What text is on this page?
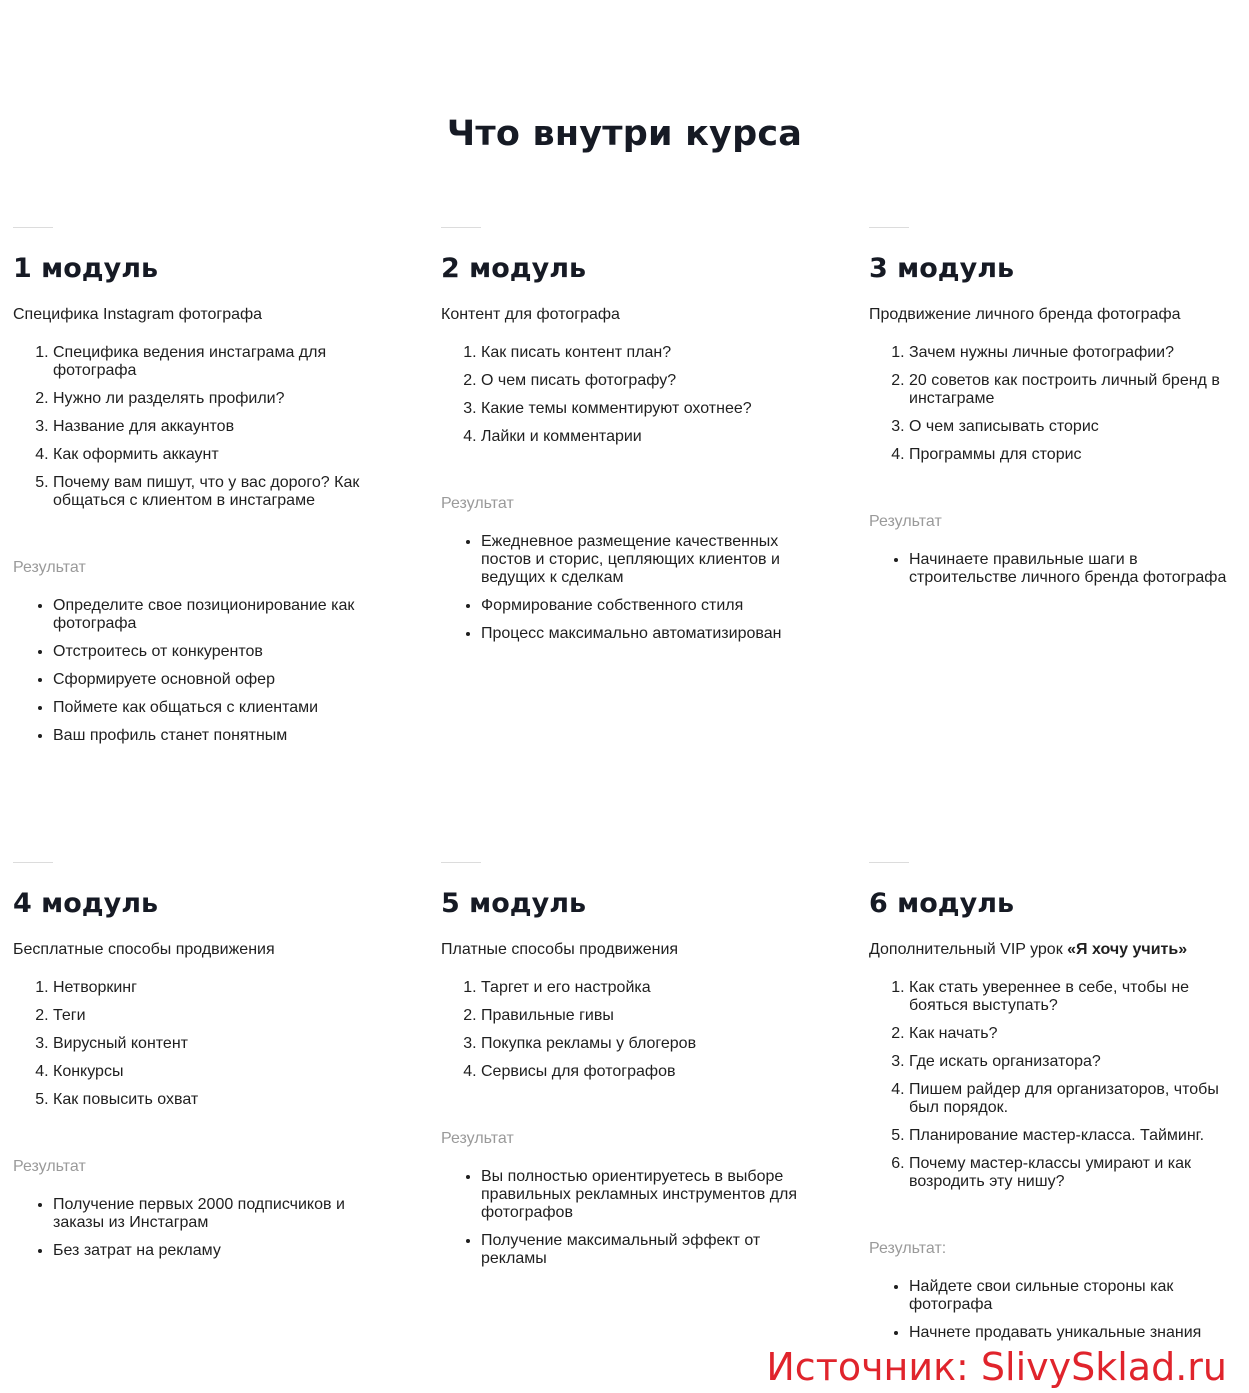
Что внутри курса
1 модуль

Специфика Instagram фотографа

1. Специфика ведения инстаграма для фотографа
2. Нужно ли разделять профили?
3. Название для аккаунтов
4. Как оформить аккаунт
5. Почему вам пишут, что у вас дорого? Как общаться с клиентом в инстаграме

Результат

• Определите свое позиционирование как фотографа
• Отстроитесь от конкурентов
• Сформируете основной офер
• Поймете как общаться с клиентами
• Ваш профиль станет понятным
2 модуль

Контент для фотографа

1. Как писать контент план?
2. О чем писать фотографу?
3. Какие темы комментируют охотнее?
4. Лайки и комментарии

Результат

• Ежедневное размещение качественных постов и сторис, цепляющих клиентов и ведущих к сделкам
• Формирование собственного стиля
• Процесс максимально автоматизирован
3 модуль

Продвижение личного бренда фотографа

1. Зачем нужны личные фотографии?
2. 20 советов как построить личный бренд в инстаграме
3. О чем записывать сторис
4. Программы для сторис

Результат

• Начинаете правильные шаги в строительстве личного бренда фотографа
4 модуль

Бесплатные способы продвижения

1. Нетворкинг
2. Теги
3. Вирусный контент
4. Конкурсы
5. Как повысить охват

Результат

• Получение первых 2000 подписчиков и заказы из Инстаграм
• Без затрат на рекламу
5 модуль

Платные способы продвижения

1. Таргет и его настройка
2. Правильные гивы
3. Покупка рекламы у блогеров
4. Сервисы для фотографов

Результат

• Вы полностью ориентируетесь в выборе правильных рекламных инструментов для фотографов
• Получение максимальный эффект от рекламы
6 модуль

Дополнительный VIP урок «Я хочу учить»

1. Как стать увереннее в себе, чтобы не бояться выступать?
2. Как начать?
3. Где искать организатора?
4. Пишем райдер для организаторов, чтобы был порядок.
5. Планирование мастер-класса. Тайминг.
6. Почему мастер-классы умирают и как возродить эту нишу?

Результат:

• Найдете свои сильные стороны как фотографа
• Начнете продавать уникальные знания
Источник: SlivySklad.ru
